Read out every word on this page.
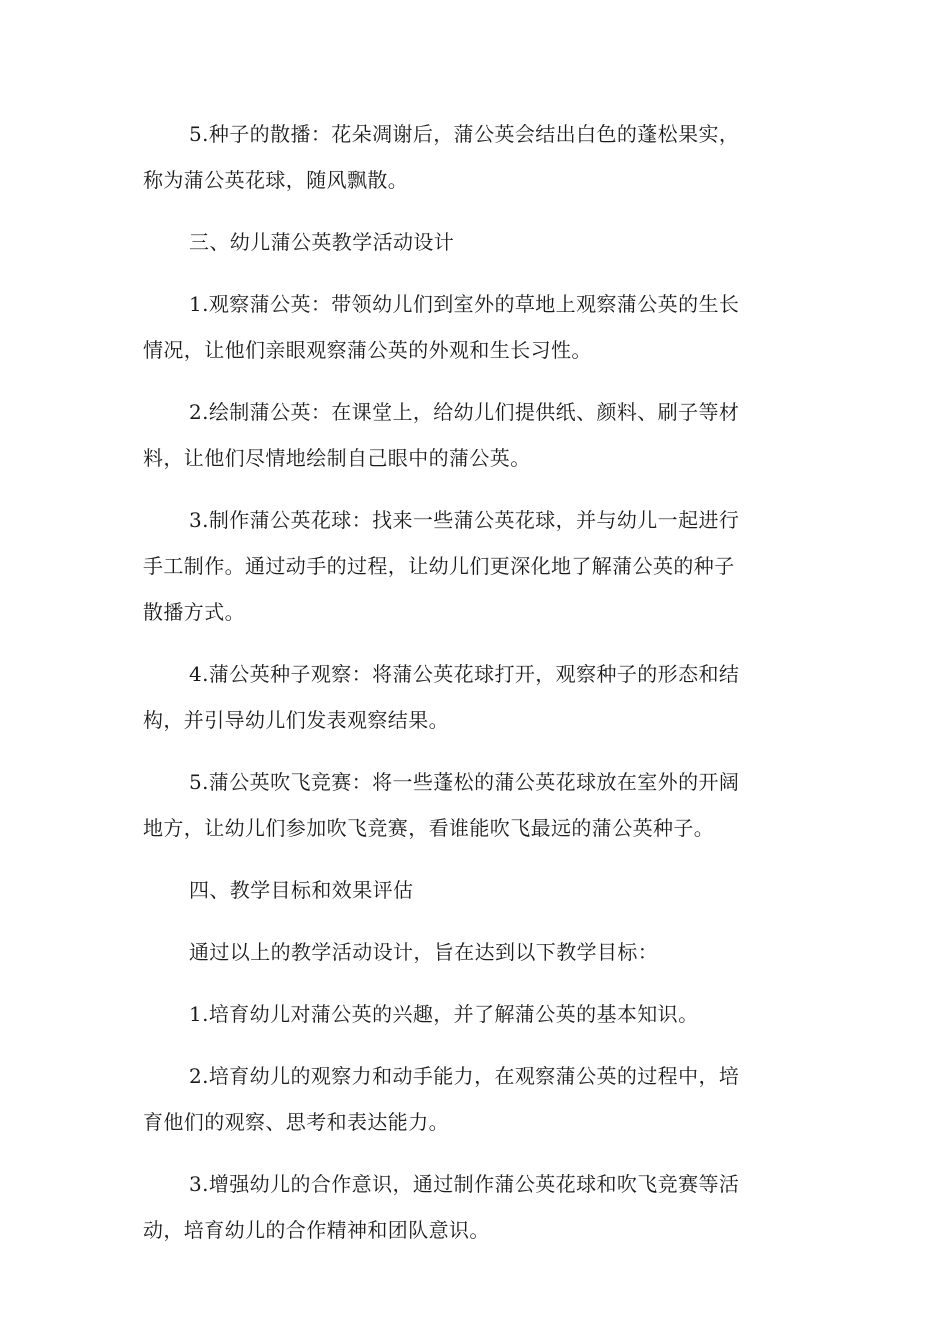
5.种子的散播：花朵凋谢后，蒲公英会结出白色的蓬松果实，
称为蒲公英花球，随风飘散。

三、幼儿蒲公英教学活动设计

1.观察蒲公英：带领幼儿们到室外的草地上观察蒲公英的生长
情况，让他们亲眼观察蒲公英的外观和生长习性。

2.绘制蒲公英：在课堂上，给幼儿们提供纸、颜料、刷子等材
料，让他们尽情地绘制自己眼中的蒲公英。

3.制作蒲公英花球：找来一些蒲公英花球，并与幼儿一起进行
手工制作。通过动手的过程，让幼儿们更深化地了解蒲公英的种子
散播方式。

4.蒲公英种子观察：将蒲公英花球打开，观察种子的形态和结
构，并引导幼儿们发表观察结果。

5.蒲公英吹飞竞赛：将一些蓬松的蒲公英花球放在室外的开阔
地方，让幼儿们参加吹飞竞赛，看谁能吹飞最远的蒲公英种子。

四、教学目标和效果评估

通过以上的教学活动设计，旨在达到以下教学目标：

1.培育幼儿对蒲公英的兴趣，并了解蒲公英的基本知识。

2.培育幼儿的观察力和动手能力，在观察蒲公英的过程中，培
育他们的观察、思考和表达能力。

3.增强幼儿的合作意识，通过制作蒲公英花球和吹飞竞赛等活
动，培育幼儿的合作精神和团队意识。
